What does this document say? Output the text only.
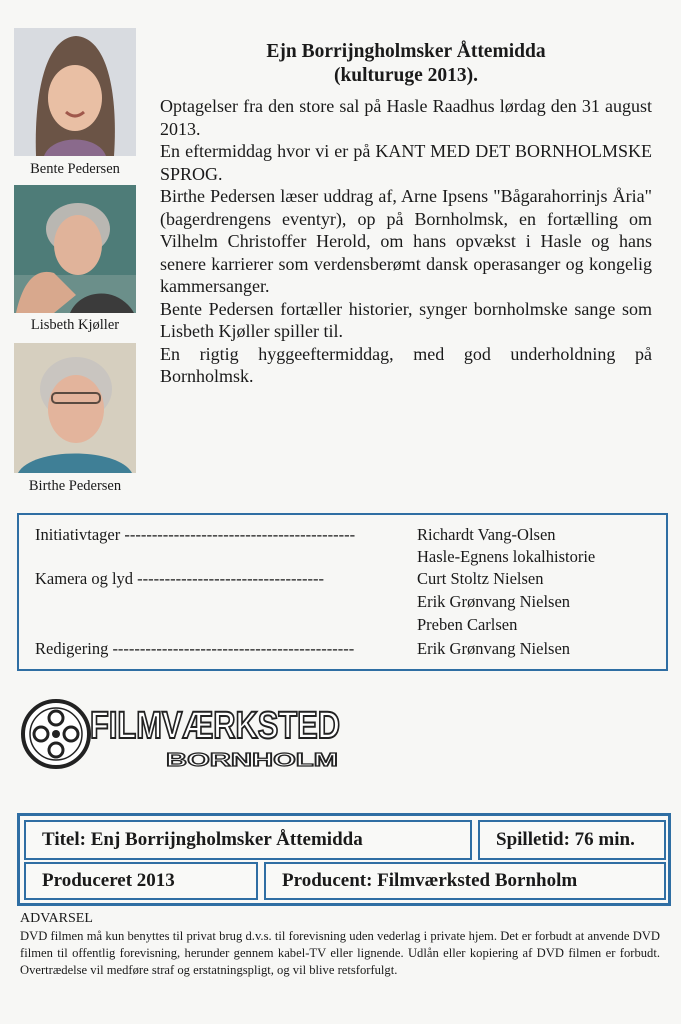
Bente Pedersen
Lisbeth Kjøller
Birthe Pedersen
Ejn Borrijngholmsker Åttemidda
(kulturuge 2013).

Optagelser fra den store sal på Hasle Raadhus lørdag den 31 august 2013.

En eftermiddag hvor vi er på KANT MED DET BORNHOLMSKE SPROG.

Birthe Pedersen læser uddrag af, Arne Ipsens "Bågarahorrinjs Åria" (bagerdrengens eventyr), op på Bornholmsk, en fortælling om Vilhelm Christoffer Herold, om hans opvækst i Hasle og hans senere karrierer som verdensberømt dansk operasanger og kongelig kammersanger.

Bente Pedersen fortæller historier, synger bornholmske sange som Lisbeth Kjøller spiller til.

En rigtig hyggeeftermiddag, med god underholdning på Bornholmsk.

Initiativtager ------------------------------------------	Richardt Vang-Olsen
Hasle-Egnens lokalhistorie
Kamera og lyd ----------------------------------	Curt Stoltz Nielsen
Erik Grønvang Nielsen
Preben Carlsen
Redigering --------------------------------------------	Erik Grønvang Nielsen
FILMVÆRKSTED
BORNHOLM
Titel: Enj Borrijngholmsker Åttemidda	Spilletid: 76 min.
Produceret 2013	Producent: Filmværksted Bornholm
ADVARSEL
DVD filmen må kun benyttes til privat brug d.v.s. til forevisning uden vederlag i private hjem. Det er forbudt at anvende DVD filmen til offentlig forevisning, herunder gennem kabel-TV eller lignende. Udlån eller kopiering af DVD filmen er forbudt. Overtrædelse vil medføre straf og erstatningspligt, og vil blive retsforfulgt.
